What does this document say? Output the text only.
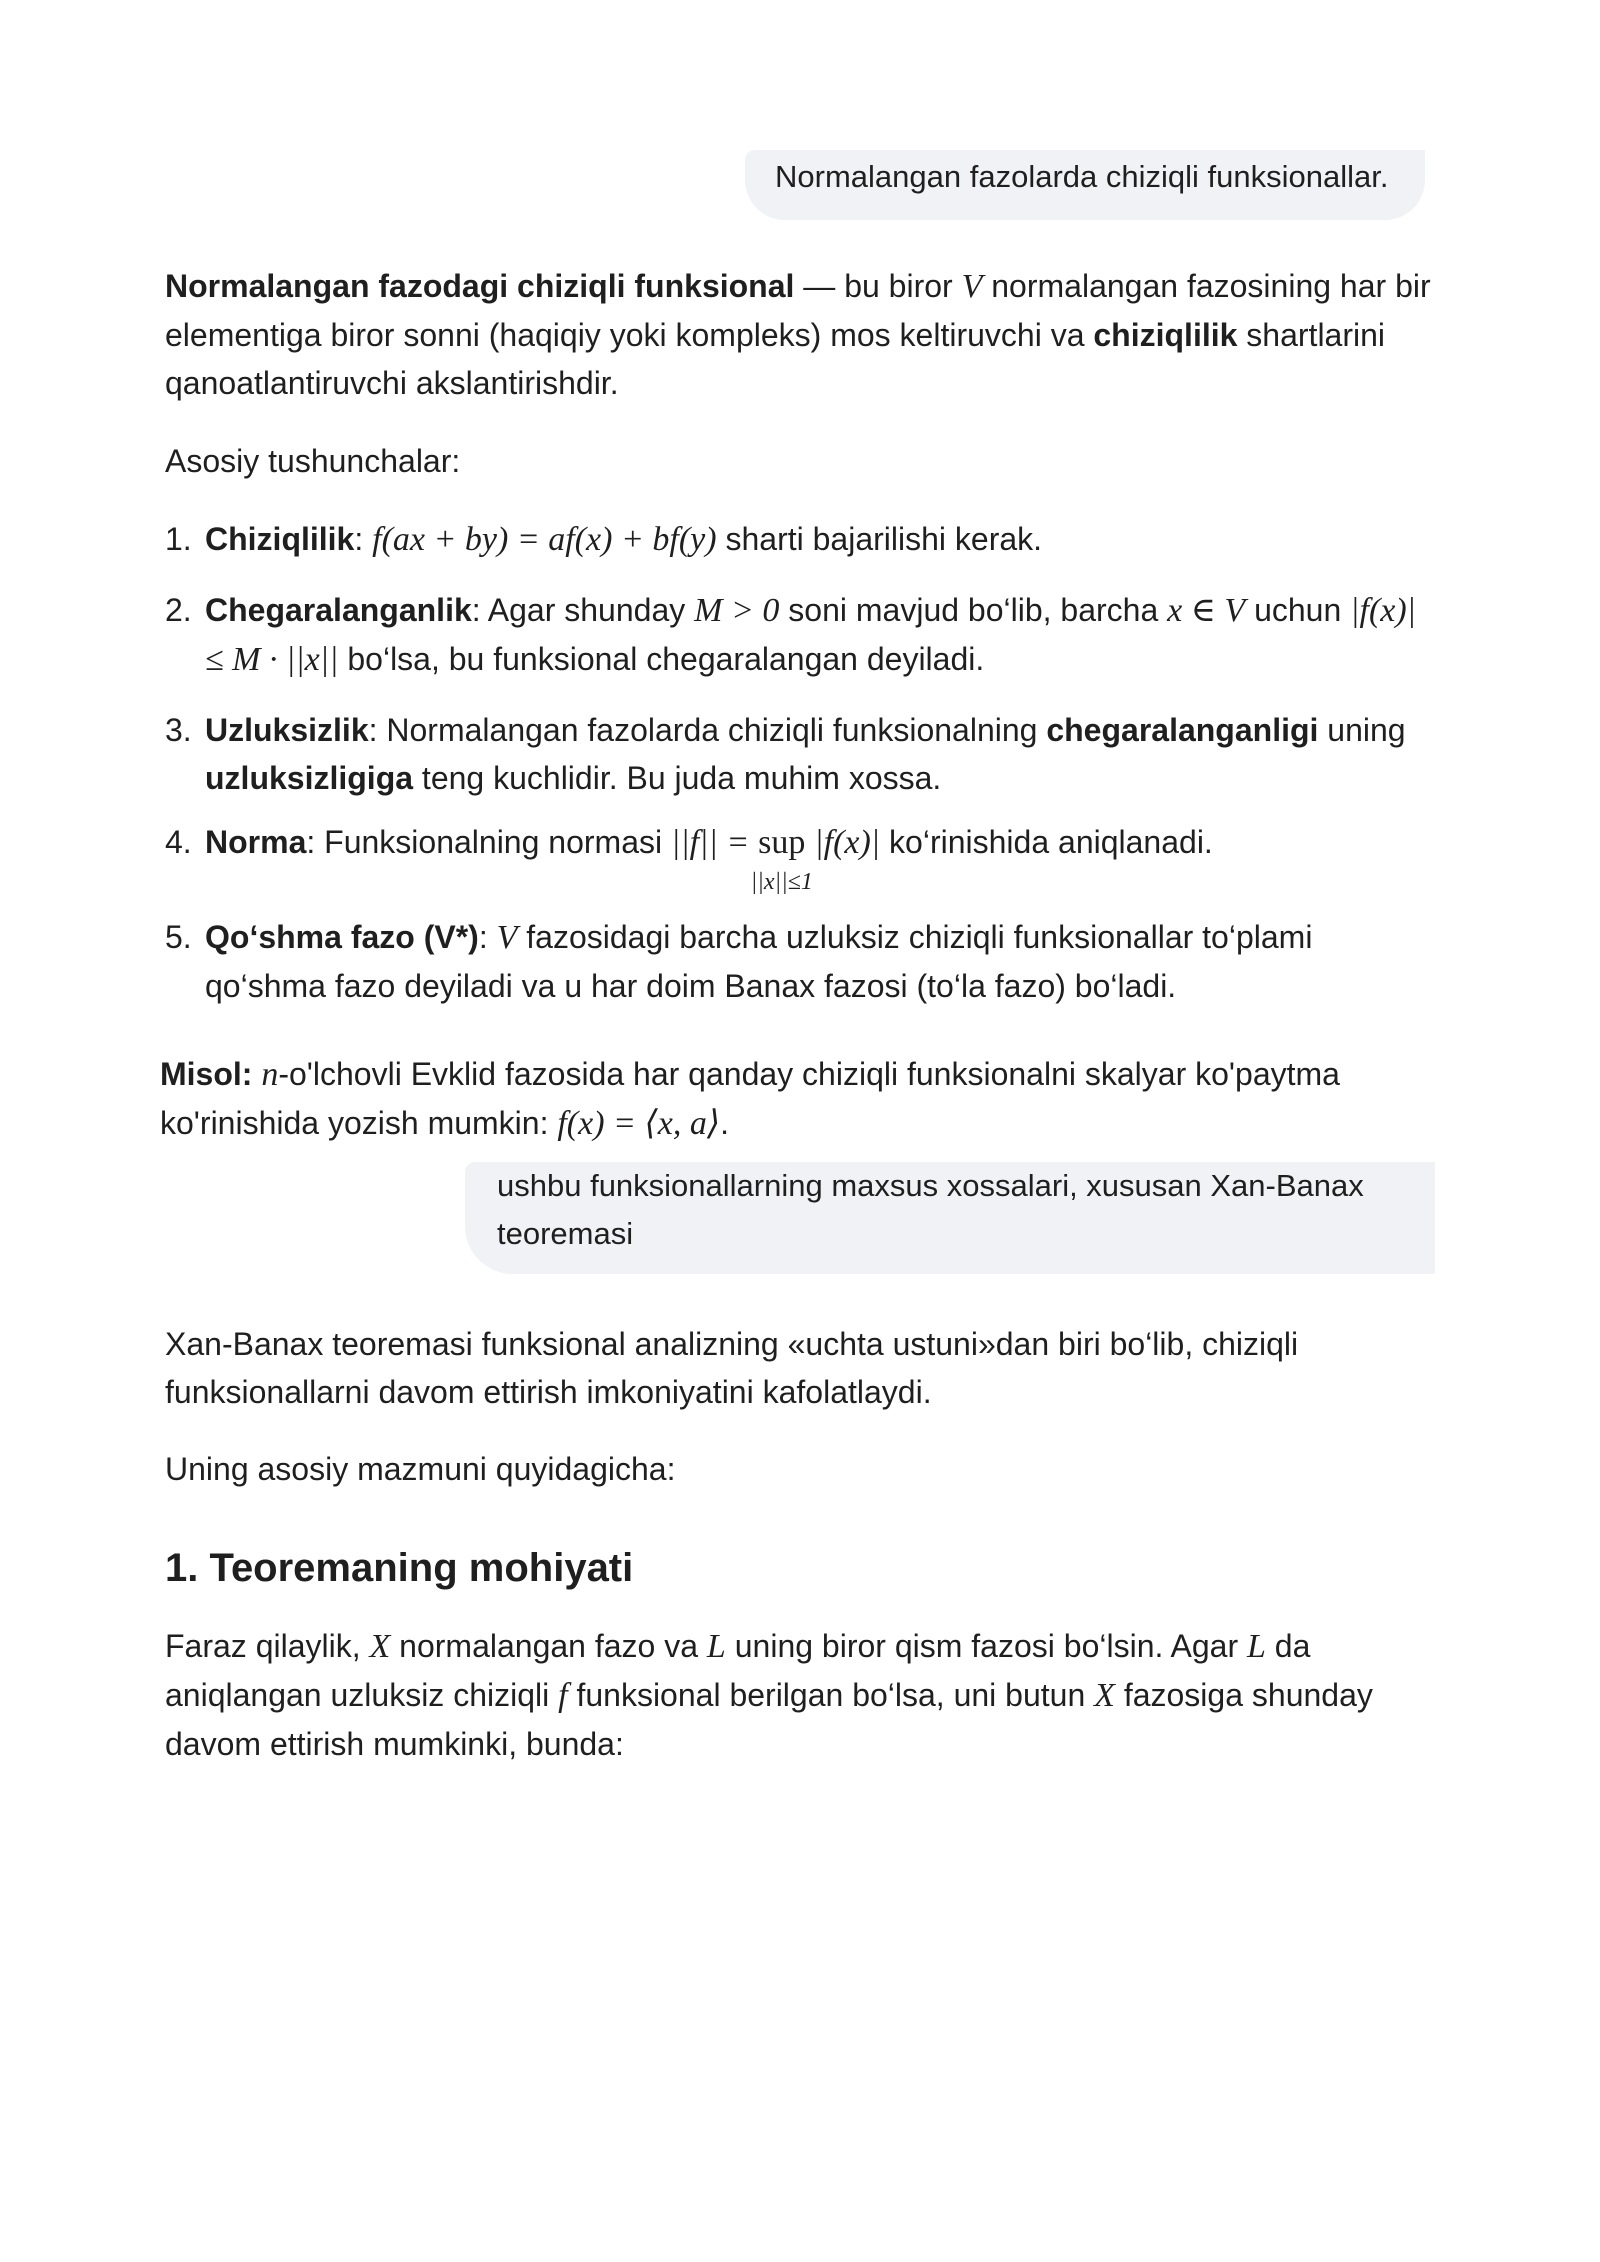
Normalangan fazolarda chiziqli funksionallar.

Normalangan fazodagi chiziqli funksional — bu biror V normalangan fazosining har bir elementiga biror sonni (haqiqiy yoki kompleks) mos keltiruvchi va chiziqlilik shartlarini qanoatlantiruvchi akslantirishdir.

Asosiy tushunchalar:

1. Chiziqlilik: f(ax + by) = af(x) + bf(y) sharti bajarilishi kerak.
2. Chegaralanganlik: Agar shunday M > 0 soni mavjud bo‘lib, barcha x ∈ V uchun |f(x)| ≤ M · ||x|| bo‘lsa, bu funksional chegaralangan deyiladi.
3. Uzluksizlik: Normalangan fazolarda chiziqli funksionalning chegaralanganligi uning uzluksizligiga teng kuchlidir. Bu juda muhim xossa.
4. Norma: Funksionalning normasi ||f|| = sup
||x||≤1
|f(x)| ko‘rinishida aniqlanadi.
5. Qo‘shma fazo (V*): V fazosidagi barcha uzluksiz chiziqli funksionallar to‘plami qo‘shma fazo deyiladi va u har doim Banax fazosi (to‘la fazo) bo‘ladi.

Misol: n-o'lchovli Evklid fazosida har qanday chiziqli funksionalni skalyar ko'paytma ko'rinishida yozish mumkin: f(x) = ⟨x, a⟩.

ushbu funksionallarning maxsus xossalari, xususan Xan-Banax teoremasi

Xan-Banax teoremasi funksional analizning «uchta ustuni»dan biri bo‘lib, chiziqli funksionallarni davom ettirish imkoniyatini kafolatlaydi.

Uning asosiy mazmuni quyidagicha:

1. Teoremaning mohiyati

Faraz qilaylik, X normalangan fazo va L uning biror qism fazosi bo‘lsin. Agar L da aniqlangan uzluksiz chiziqli f funksional berilgan bo‘lsa, uni butun X fazosiga shunday davom ettirish mumkinki, bunda:
